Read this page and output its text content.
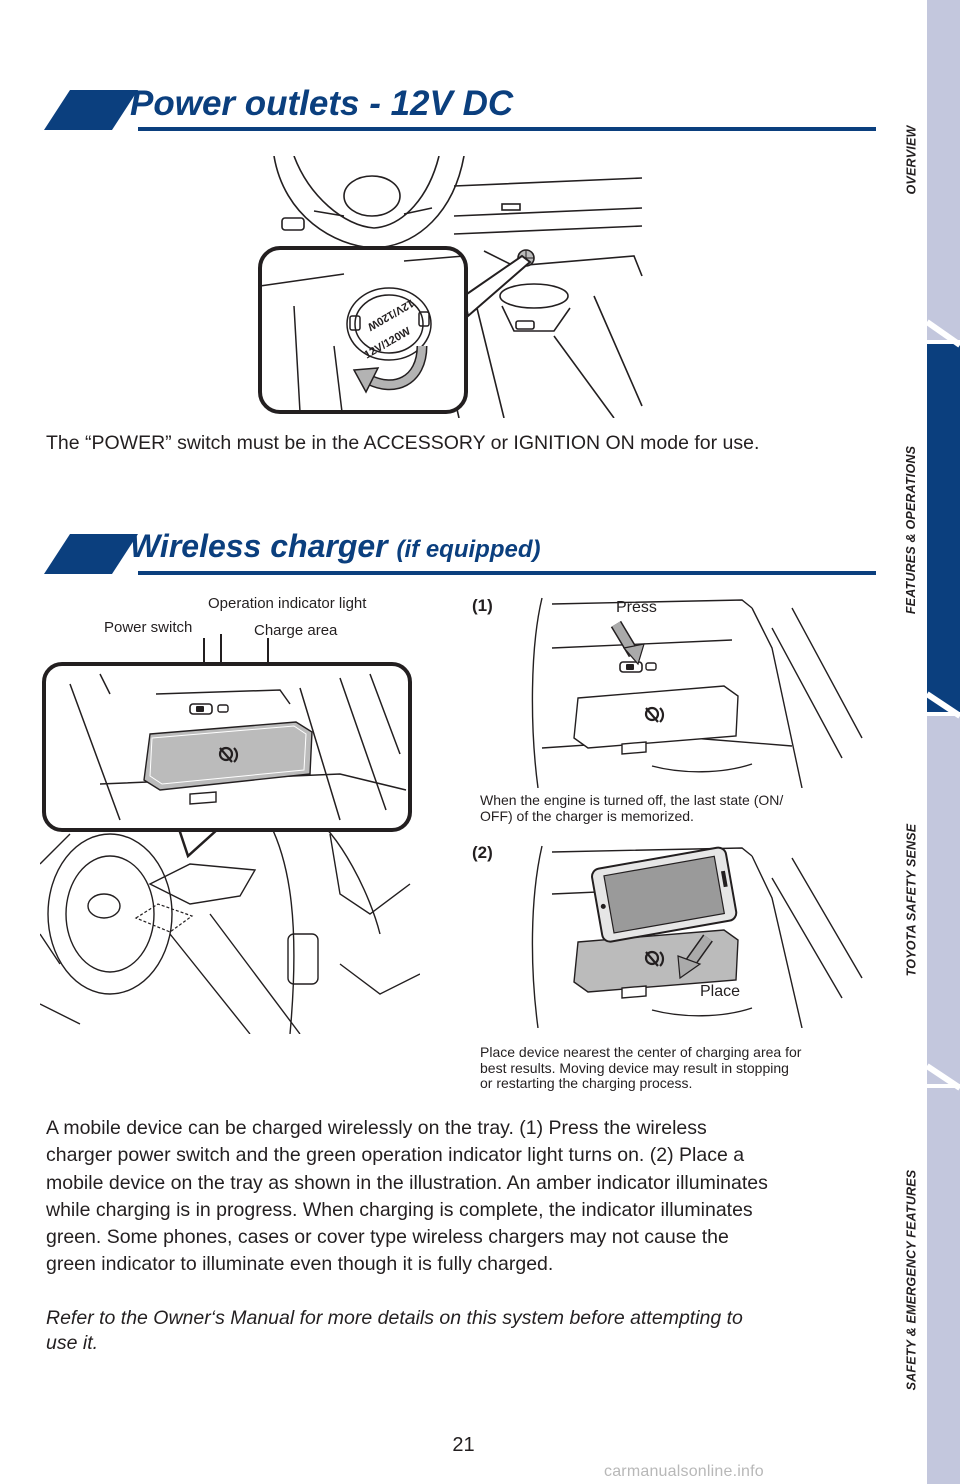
OVERVIEW
FEATURES & OPERATIONS
TOYOTA SAFETY SENSE
SAFETY & EMERGENCY FEATURES
Power outlets - 12V DC
12V/120W
12V/120W
The “POWER” switch must be in the ACCESSORY or IGNITION ON mode for use.
Wireless charger (if equipped)
Operation indicator light
Power switch	Charge area
(1)	Press
When the engine is turned off, the last state (ON/
OFF) of the charger is memorized.
(2)
Place
Place device nearest the center of charging area for
best results. Moving device may result in stopping
or restarting the charging process.
A mobile device can be charged wirelessly on the tray. (1) Press the wireless
charger power switch and the green operation indicator light turns on. (2) Place a
mobile device on the tray as shown in the illustration. An amber indicator illuminates
while charging is in progress. When charging is complete, the indicator illuminates
green. Some phones, cases or cover type wireless chargers may not cause the
green indicator to illuminate even though it is fully charged.
Refer to the Owner‘s Manual for more details on this system before attempting to
use it.
21
carmanualsonline.info
